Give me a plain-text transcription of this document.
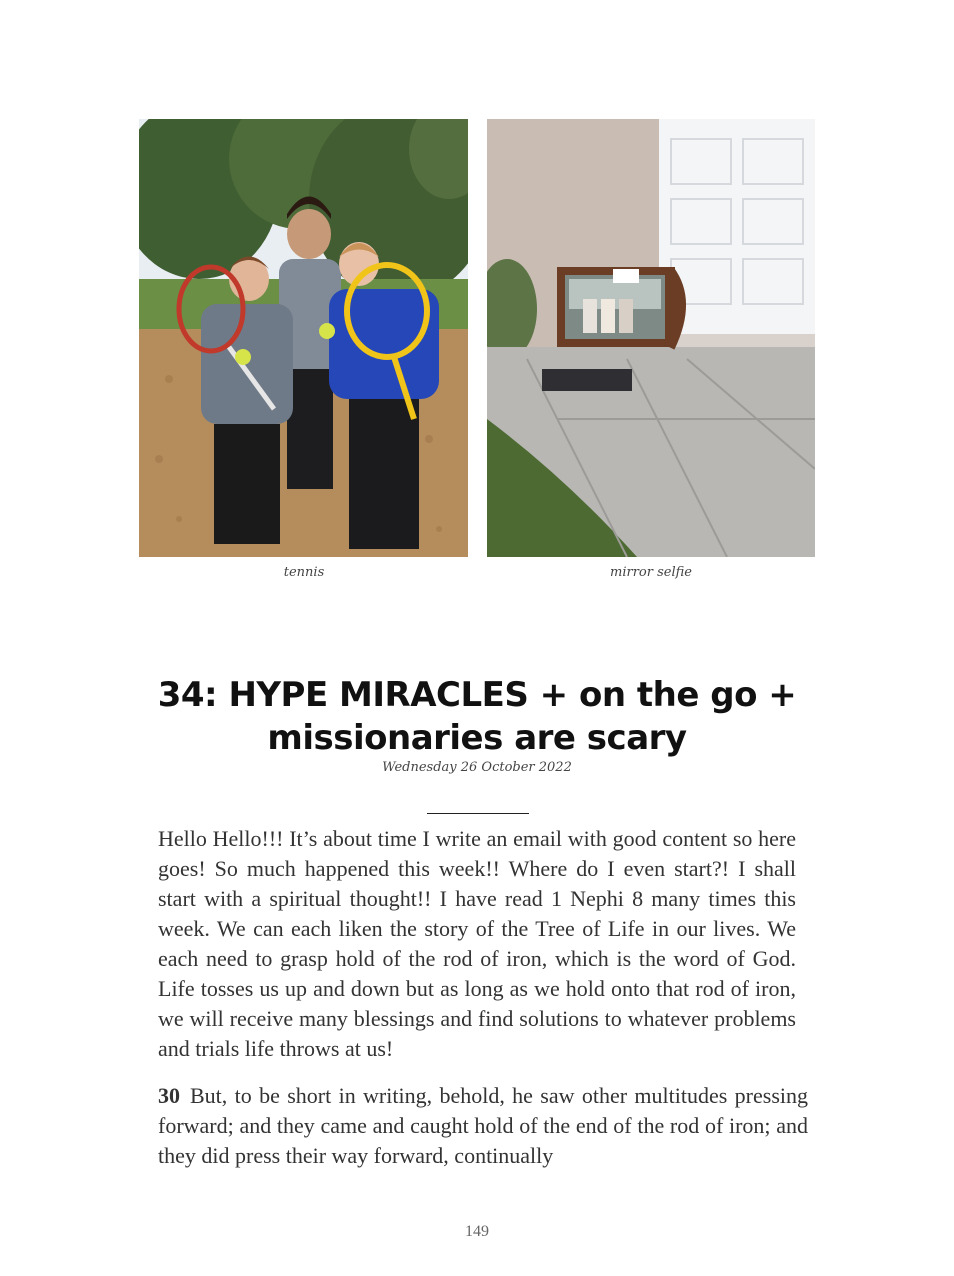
tennis	mirror selfie
34: HYPE MIRACLES + on the go +
missionaries are scary
Wednesday 26 October 2022
Hello Hello!!! It’s about time I write an email with good content so here goes! So much happened this week!! Where do I even start?! I shall start with a spiritual thought!! I have read 1 Nephi 8 many times this week. We can each liken the story of the Tree of Life in our lives. We each need to grasp hold of the rod of iron, which is the word of God. Life tosses us up and down but as long as we hold onto that rod of iron, we will receive many blessings and find solutions to whatever problems and trials life throws at us!
30 But, to be short in writing, behold, he saw other multitudes pressing forward; and they came and caught hold of the end of the rod of iron; and they did press their way forward, continually
149
